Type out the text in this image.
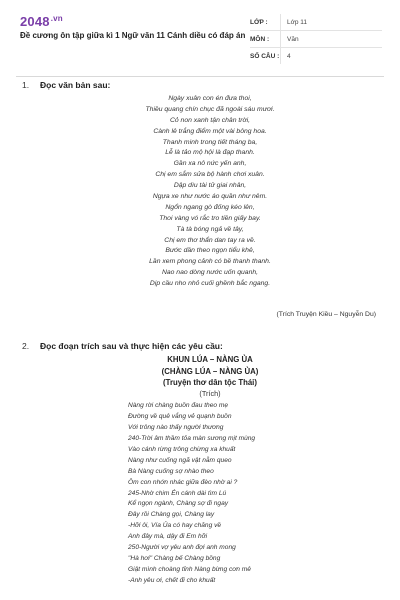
$2048^{.vn}$
Đề cương ôn tập giữa kì 1 Ngữ văn 11 Cánh diều có đáp án
LỚP :	Lớp 11
MÔN :	Văn
SỐ CÂU :	4
1. Đọc văn bản sau:
Ngày xuân con én đưa thoi,
Thiều quang chín chục đã ngoài sáu mươi.
Cỏ non xanh tận chân trời,
Cành lê trắng điểm một vài bông hoa.
Thanh minh trong tiết tháng ba,
Lễ là tảo mộ hội là đạp thanh.
Gần xa nô nức yến anh,
Chị em sắm sửa bộ hành chơi xuân.
Dập dìu tài tử giai nhân,
Ngựa xe như nước áo quần như nêm.
Ngổn ngang gò đống kéo lên,
Thoi vàng vó rắc tro tiền giấy bay.
Tà tà bóng ngả về tây,
Chị em thơ thẩn dan tay ra về.
Bước dần theo ngọn tiểu khê,
Lần xem phong cảnh có bề thanh thanh.
Nao nao dòng nước uốn quanh,
Dịp cầu nho nhỏ cuối ghềnh bắc ngang.
(Trích Truyện Kiều – Nguyễn Du)
2. Đọc đoạn trích sau và thực hiện các yêu cầu:
KHUN LÚA – NÀNG ỦA
(CHÀNG LÚA – NÀNG ỦA)
(Truyện thơ dân tộc Thái)
(Trích)
Nàng rời chàng buồn đau theo mẹ
Đường về quê vắng vẻ quạnh buồn
Với trông nào thấy người thương
240-Trời âm thầm tỏa màn sương mịt mùng
Vào cánh rừng trông chừng xa khuất
Nàng như cuống ngã vật nằm queo
Bà Nàng cuống sợ nhào theo
Ôm con nhớn nhác giữa đèo nhờ ai ?
245-Nhờ chim Én cánh dài tìm Lú
Kể ngọn ngành, Chàng sợ đi ngay
Đây rồi Chàng gọi, Chàng lay
-Hỡi ôi, Vía Ủa có hay chăng về
Anh đây mà, dậy đi Em hỡi
250-Người vợ yêu anh đợi anh mong
"Hà hơi" Chàng bế Chàng bồng
Giật mình choàng tỉnh Nàng bừng cơn mê
-Anh yêu ơi, chết đi cho khuất
